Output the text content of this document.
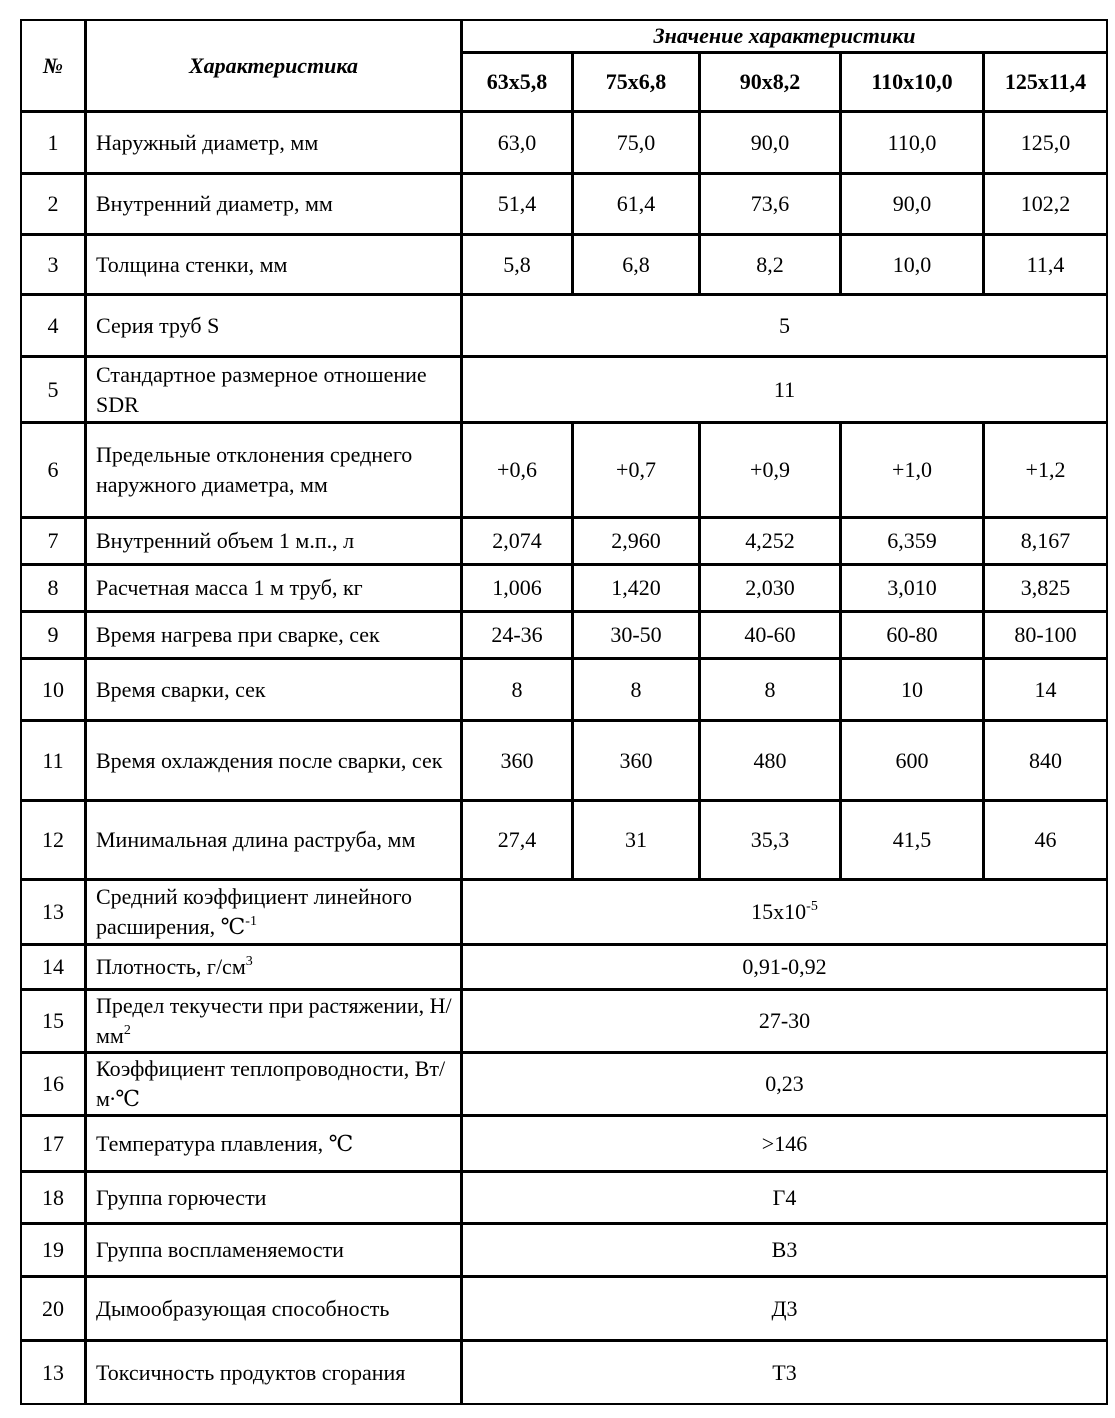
№	Характеристика	Значение характеристики				
		63х5,8	75х6,8	90х8,2	110х10,0	125х11,4
1	Наружный диаметр, мм	63,0	75,0	90,0	110,0	125,0
2	Внутренний диаметр, мм	51,4	61,4	73,6	90,0	102,2
3	Толщина стенки, мм	5,8	6,8	8,2	10,0	11,4
4	Серия труб S	5				
5	Стандартное размерное отношение SDR	11				
6	Предельные отклонения среднего наружного диаметра, мм	+0,6	+0,7	+0,9	+1,0	+1,2
7	Внутренний объем 1 м.п., л	2,074	2,960	4,252	6,359	8,167
8	Расчетная масса 1 м труб, кг	1,006	1,420	2,030	3,010	3,825
9	Время нагрева при сварке, сек	24-36	30-50	40-60	60-80	80-100
10	Время сварки, сек	8	8	8	10	14
11	Время охлаждения после сварки, сек	360	360	480	600	840
12	Минимальная длина раструба, мм	27,4	31	35,3	41,5	46
13	Средний коэффициент линейного расширения, ℃$^{-1}$	$15х10^{-5}$
14	Плотность, $г/см^3$	0,91-0,92				
15	Предел текучести при растяжении, $Н/мм^2$	27-30				
16	Коэффициент теплопроводности, Вт/м∙℃	0,23				
17	Температура плавления, ℃	>146				
18	Группа горючести	Г4				
19	Группа воспламеняемости	В3				
20	Дымообразующая способность	Д3				
13	Токсичность продуктов сгорания	Т3				
